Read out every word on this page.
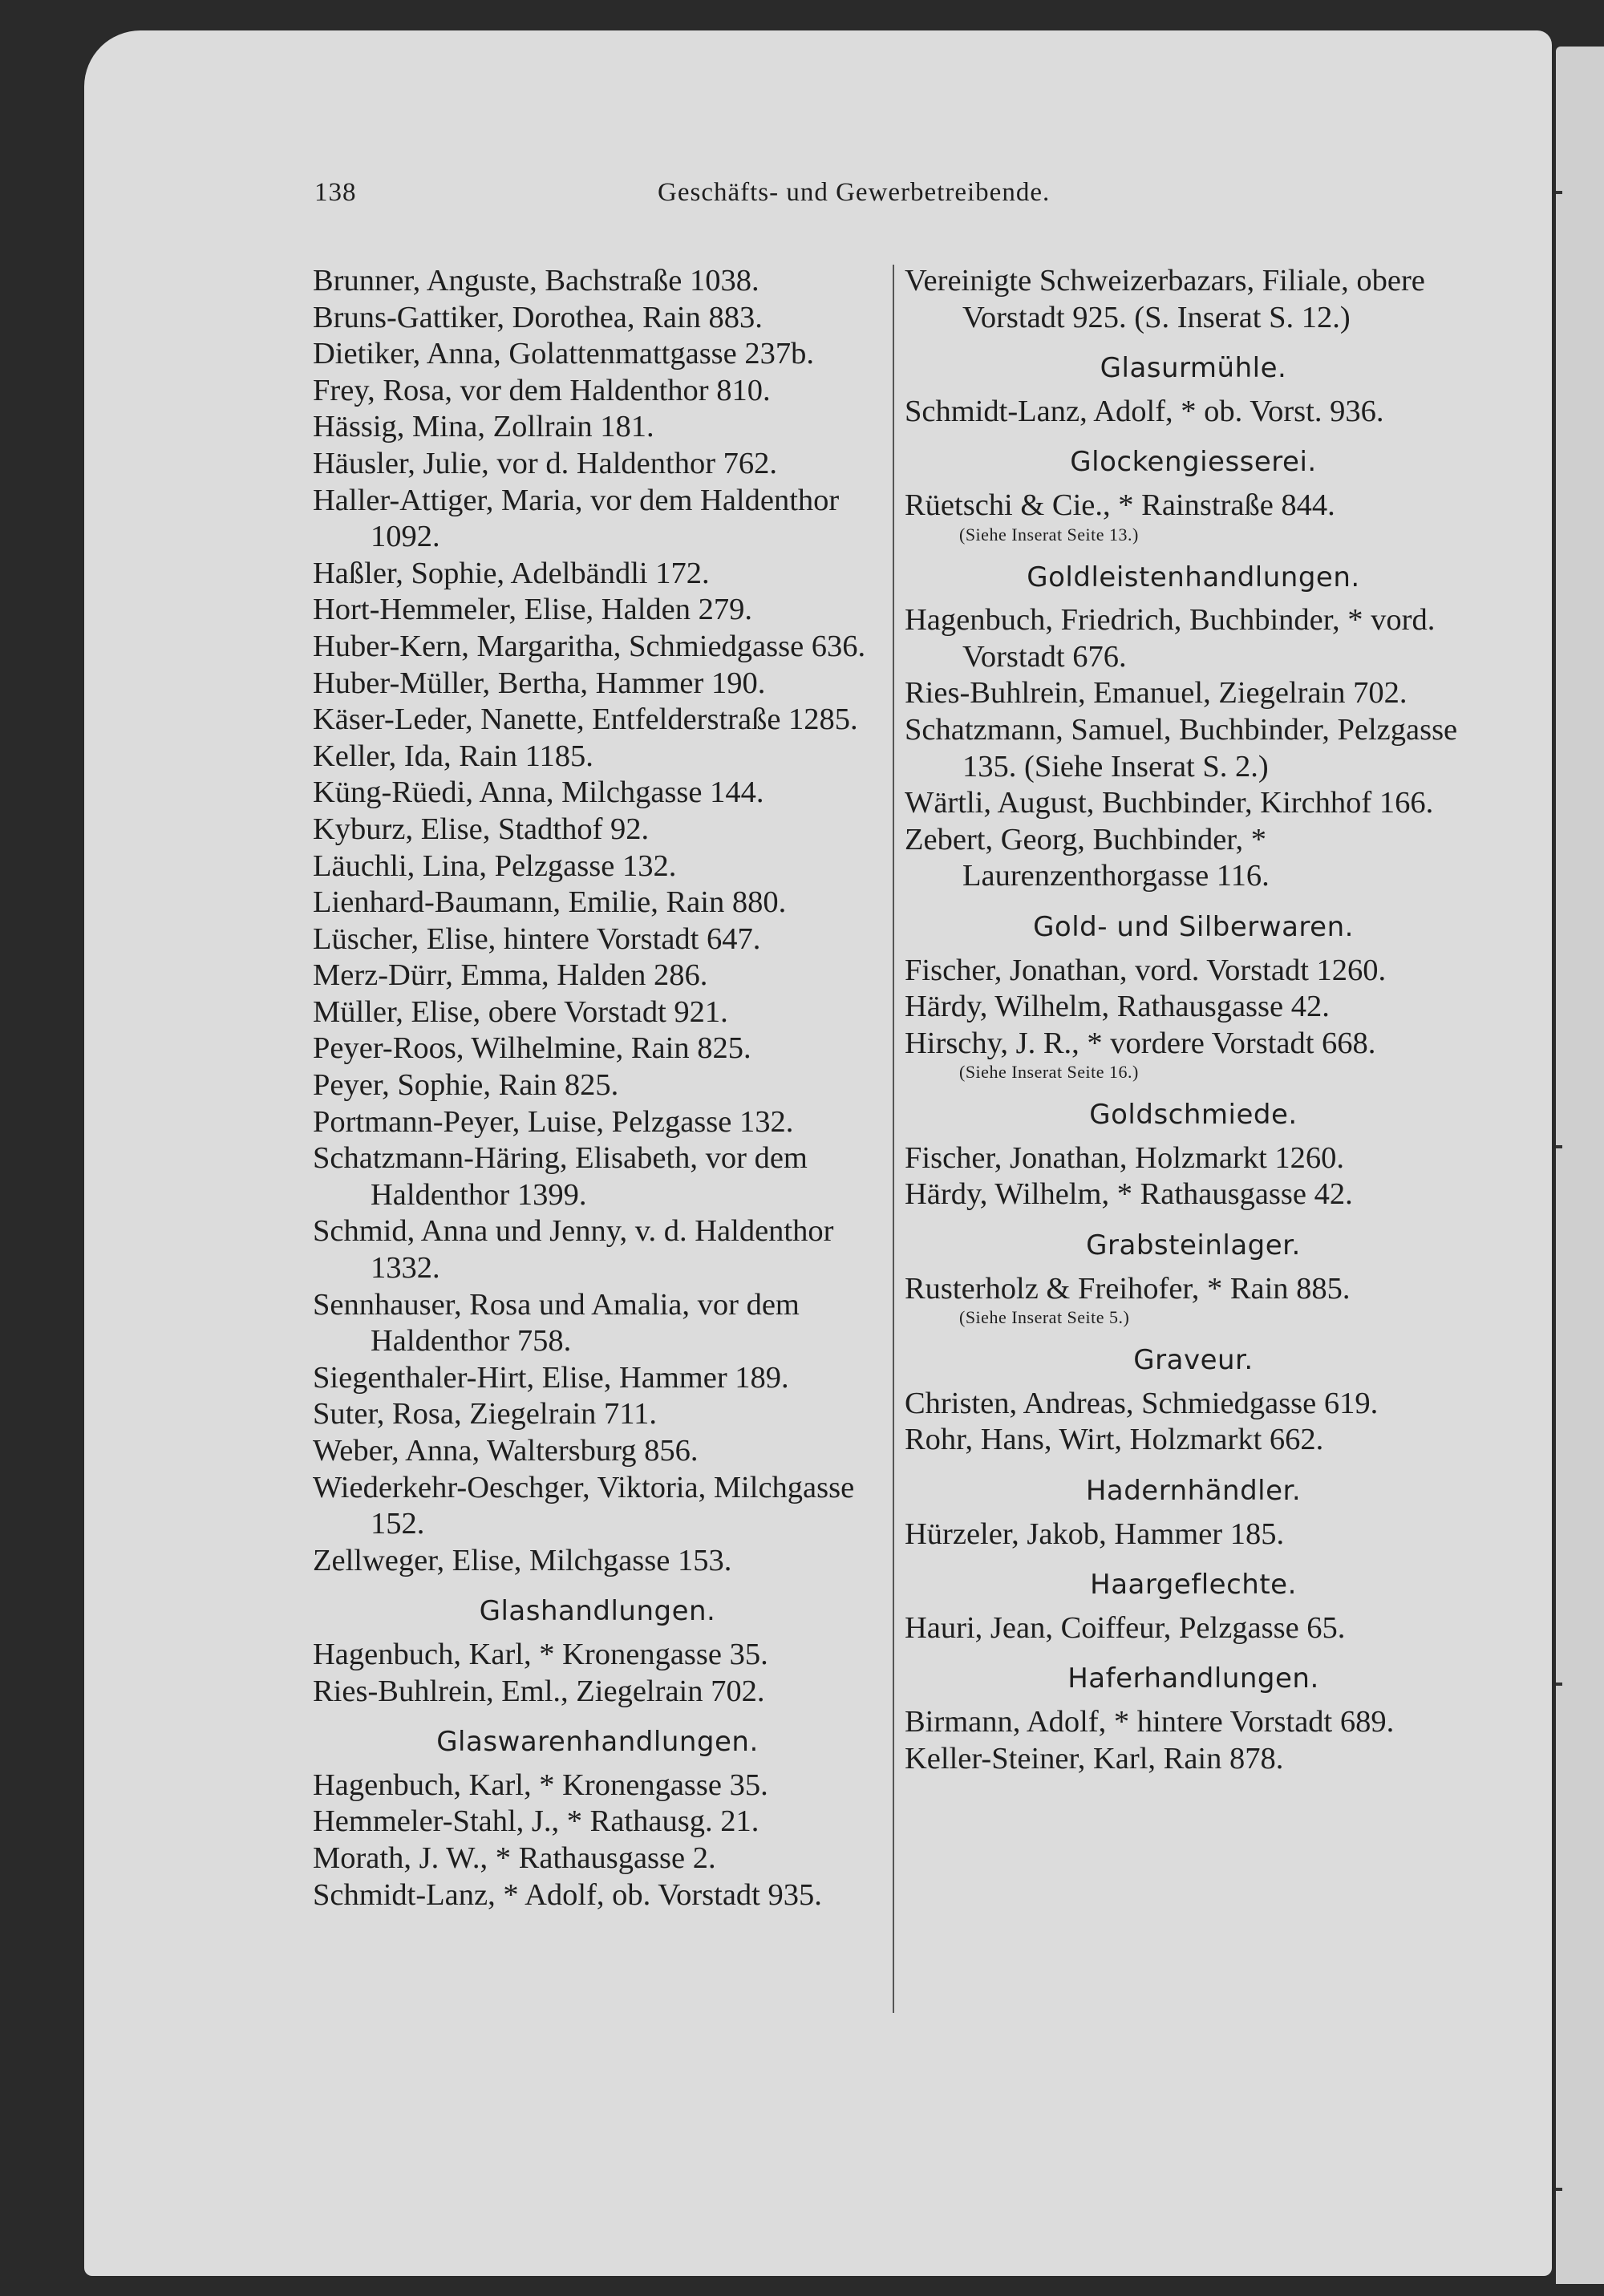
138	Geschäfts- und Gewerbetreibende.
Brunner, Anguste, Bachstraße 1038.
Bruns-Gattiker, Dorothea, Rain 883.
Dietiker, Anna, Golattenmattgasse 237b.
Frey, Rosa, vor dem Haldenthor 810.
Hässig, Mina, Zollrain 181.
Häusler, Julie, vor d. Haldenthor 762.
Haller-Attiger, Maria, vor dem Haldenthor 1092.
Haßler, Sophie, Adelbändli 172.
Hort-Hemmeler, Elise, Halden 279.
Huber-Kern, Margaritha, Schmiedgasse 636.
Huber-Müller, Bertha, Hammer 190.
Käser-Leder, Nanette, Entfelderstraße 1285.
Keller, Ida, Rain 1185.
Küng-Rüedi, Anna, Milchgasse 144.
Kyburz, Elise, Stadthof 92.
Läuchli, Lina, Pelzgasse 132.
Lienhard-Baumann, Emilie, Rain 880.
Lüscher, Elise, hintere Vorstadt 647.
Merz-Dürr, Emma, Halden 286.
Müller, Elise, obere Vorstadt 921.
Peyer-Roos, Wilhelmine, Rain 825.
Peyer, Sophie, Rain 825.
Portmann-Peyer, Luise, Pelzgasse 132.
Schatzmann-Häring, Elisabeth, vor dem Haldenthor 1399.
Schmid, Anna und Jenny, v. d. Haldenthor 1332.
Sennhauser, Rosa und Amalia, vor dem Haldenthor 758.
Siegenthaler-Hirt, Elise, Hammer 189.
Suter, Rosa, Ziegelrain 711.
Weber, Anna, Waltersburg 856.
Wiederkehr-Oeschger, Viktoria, Milchgasse 152.
Zellweger, Elise, Milchgasse 153.
Glashandlungen.
Hagenbuch, Karl, * Kronengasse 35.
Ries-Buhlrein, Eml., Ziegelrain 702.
Glaswarenhandlungen.
Hagenbuch, Karl, * Kronengasse 35.
Hemmeler-Stahl, J., * Rathausg. 21.
Morath, J. W., * Rathausgasse 2.
Schmidt-Lanz, * Adolf, ob. Vorstadt 935.
Vereinigte Schweizerbazars, Filiale, obere Vorstadt 925. (S. Inserat S. 12.)
Glasurmühle.
Schmidt-Lanz, Adolf, * ob. Vorst. 936.
Glockengiesserei.
Rüetschi & Cie., * Rainstraße 844.
(Siehe Inserat Seite 13.)
Goldleistenhandlungen.
Hagenbuch, Friedrich, Buchbinder, * vord. Vorstadt 676.
Ries-Buhlrein, Emanuel, Ziegelrain 702.
Schatzmann, Samuel, Buchbinder, Pelzgasse 135. (Siehe Inserat S. 2.)
Wärtli, August, Buchbinder, Kirchhof 166.
Zebert, Georg, Buchbinder, * Laurenzenthorgasse 116.
Gold- und Silberwaren.
Fischer, Jonathan, vord. Vorstadt 1260.
Härdy, Wilhelm, Rathausgasse 42.
Hirschy, J. R., * vordere Vorstadt 668.
(Siehe Inserat Seite 16.)
Goldschmiede.
Fischer, Jonathan, Holzmarkt 1260.
Härdy, Wilhelm, * Rathausgasse 42.
Grabsteinlager.
Rusterholz & Freihofer, * Rain 885.
(Siehe Inserat Seite 5.)
Graveur.
Christen, Andreas, Schmiedgasse 619.
Rohr, Hans, Wirt, Holzmarkt 662.
Hadernhändler.
Hürzeler, Jakob, Hammer 185.
Haargeflechte.
Hauri, Jean, Coiffeur, Pelzgasse 65.
Haferhandlungen.
Birmann, Adolf, * hintere Vorstadt 689.
Keller-Steiner, Karl, Rain 878.
